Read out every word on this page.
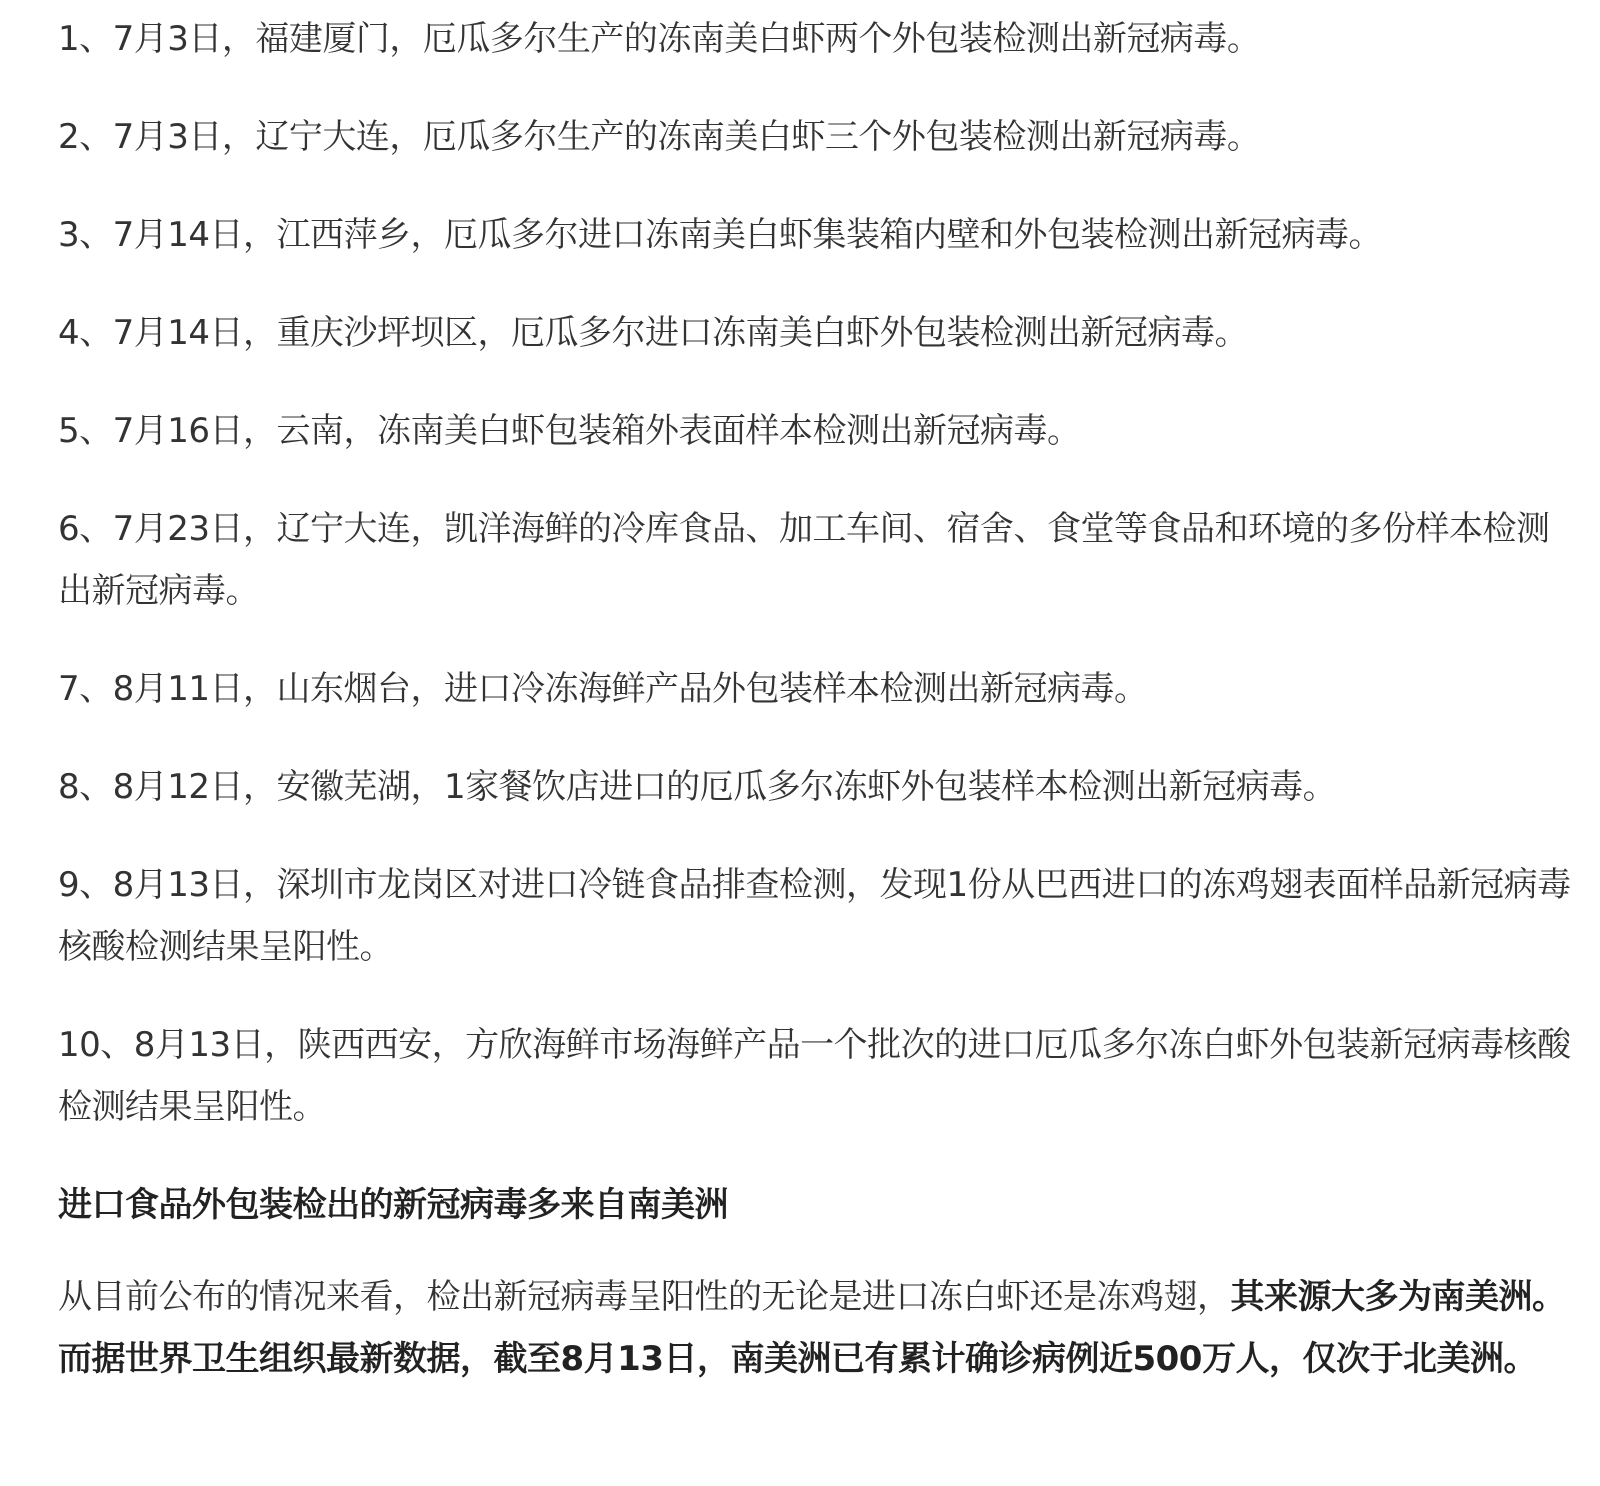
1、7月3日，福建厦门，厄瓜多尔生产的冻南美白虾两个外包装检测出新冠病毒。

2、7月3日，辽宁大连，厄瓜多尔生产的冻南美白虾三个外包装检测出新冠病毒。

3、7月14日，江西萍乡，厄瓜多尔进口冻南美白虾集装箱内壁和外包装检测出新冠病毒。

4、7月14日，重庆沙坪坝区，厄瓜多尔进口冻南美白虾外包装检测出新冠病毒。

5、7月16日，云南，冻南美白虾包装箱外表面样本检测出新冠病毒。

6、7月23日，辽宁大连，凯洋海鲜的冷库食品、加工车间、宿舍、食堂等食品和环境的多份样本检测出新冠病毒。

7、8月11日，山东烟台，进口冷冻海鲜产品外包装样本检测出新冠病毒。

8、8月12日，安徽芜湖，1家餐饮店进口的厄瓜多尔冻虾外包装样本检测出新冠病毒。

9、8月13日，深圳市龙岗区对进口冷链食品排查检测，发现1份从巴西进口的冻鸡翅表面样品新冠病毒核酸检测结果呈阳性。

10、8月13日，陕西西安，方欣海鲜市场海鲜产品一个批次的进口厄瓜多尔冻白虾外包装新冠病毒核酸检测结果呈阳性。

进口食品外包装检出的新冠病毒多来自南美洲

从目前公布的情况来看，检出新冠病毒呈阳性的无论是进口冻白虾还是冻鸡翅，其来源大多为南美洲。而据世界卫生组织最新数据，截至8月13日，南美洲已有累计确诊病例近500万人，仅次于北美洲。
